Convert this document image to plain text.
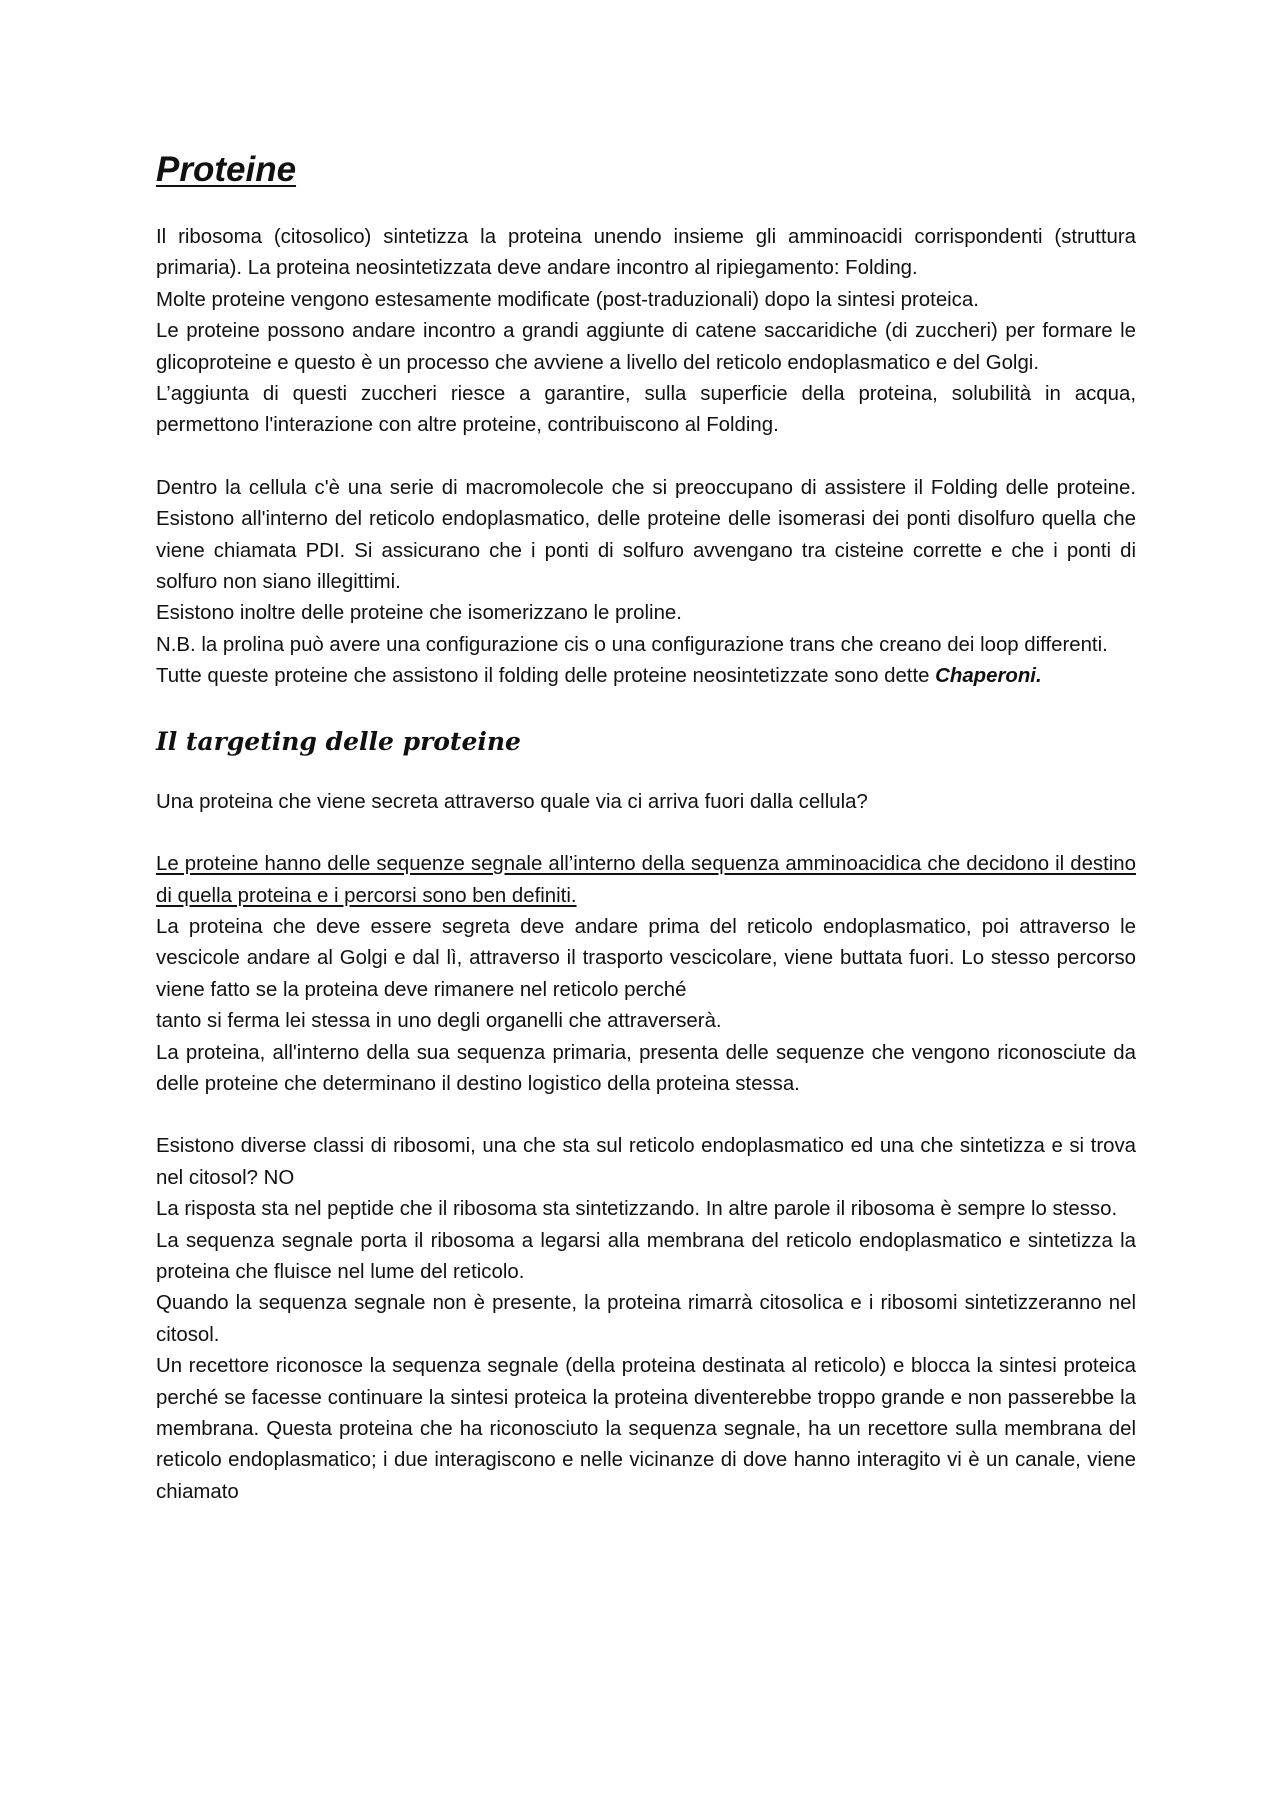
Proteine

Il ribosoma (citosolico) sintetizza la proteina unendo insieme gli amminoacidi corrispondenti (struttura primaria). La proteina neosintetizzata deve andare incontro al ripiegamento: Folding.

Molte proteine vengono estesamente modificate (post-traduzionali) dopo la sintesi proteica.

Le proteine possono andare incontro a grandi aggiunte di catene saccaridiche (di zuccheri) per formare le glicoproteine e questo è un processo che avviene a livello del reticolo endoplasmatico e del Golgi.

L’aggiunta di questi zuccheri riesce a garantire, sulla superficie della proteina, solubilità in acqua, permettono l'interazione con altre proteine, contribuiscono al Folding.

Dentro la cellula c'è una serie di macromolecole che si preoccupano di assistere il Folding delle proteine. Esistono all'interno del reticolo endoplasmatico, delle proteine delle isomerasi dei ponti disolfuro quella che viene chiamata PDI. Si assicurano che i ponti di solfuro avvengano tra cisteine corrette e che i ponti di solfuro non siano illegittimi.

Esistono inoltre delle proteine che isomerizzano le proline.

N.B. la prolina può avere una configurazione cis o una configurazione trans che creano dei loop differenti.

Tutte queste proteine che assistono il folding delle proteine neosintetizzate sono dette Chaperoni.

Il targeting delle proteine

Una proteina che viene secreta attraverso quale via ci arriva fuori dalla cellula?

Le proteine hanno delle sequenze segnale all’interno della sequenza amminoacidica che decidono il destino di quella proteina e i percorsi sono ben definiti.

La proteina che deve essere segreta deve andare prima del reticolo endoplasmatico, poi attraverso le vescicole andare al Golgi e dal lì, attraverso il trasporto vescicolare, viene buttata fuori. Lo stesso percorso viene fatto se la proteina deve rimanere nel reticolo perché

tanto si ferma lei stessa in uno degli organelli che attraverserà.

La proteina, all'interno della sua sequenza primaria, presenta delle sequenze che vengono riconosciute da delle proteine che determinano il destino logistico della proteina stessa.

Esistono diverse classi di ribosomi, una che sta sul reticolo endoplasmatico ed una che sintetizza e si trova nel citosol? NO

La risposta sta nel peptide che il ribosoma sta sintetizzando. In altre parole il ribosoma è sempre lo stesso.

La sequenza segnale porta il ribosoma a legarsi alla membrana del reticolo endoplasmatico e sintetizza la proteina che fluisce nel lume del reticolo.

Quando la sequenza segnale non è presente, la proteina rimarrà citosolica e i ribosomi sintetizzeranno nel citosol.

Un recettore riconosce la sequenza segnale (della proteina destinata al reticolo) e blocca la sintesi proteica perché se facesse continuare la sintesi proteica la proteina diventerebbe troppo grande e non passerebbe la membrana. Questa proteina che ha riconosciuto la sequenza segnale, ha un recettore sulla membrana del reticolo endoplasmatico; i due interagiscono e nelle vicinanze di dove hanno interagito vi è un canale, viene chiamato
